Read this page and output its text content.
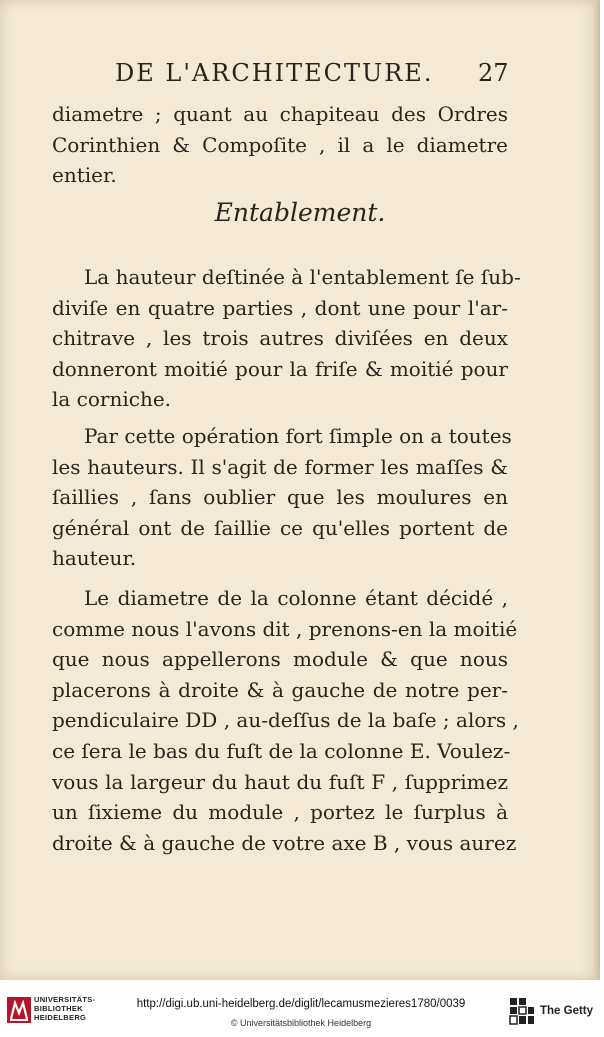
DE L'ARCHITECTURE. 27
diametre ; quant au chapiteau des Ordres
Corinthien & Compoſite , il a le diametre
entier.
Entablement.
La hauteur deſtinée à l'entablement ſe ſub-
diviſe en quatre parties , dont une pour l'ar-
chitrave , les trois autres diviſées en deux
donneront moitié pour la friſe & moitié pour
la corniche.
Par cette opération fort ſimple on a toutes
les hauteurs. Il s'agit de former les maſſes &
ſaillies , ſans oublier que les moulures en
général ont de ſaillie ce qu'elles portent de
hauteur.
Le diametre de la colonne étant décidé ,
comme nous l'avons dit , prenons-en la moitié
que nous appellerons module & que nous
placerons à droite & à gauche de notre per-
pendiculaire DD , au-deſſus de la baſe ; alors ,
ce ſera le bas du fuſt de la colonne E. Voulez-
vous la largeur du haut du fuſt F , ſupprimez
un ſixieme du module , portez le ſurplus à
droite & à gauche de votre axe B , vous aurez
UNIVERSITÄTS-
BIBLIOTHEK
HEIDELBERG
http://digi.ub.uni-heidelberg.de/diglit/lecamusmezieres1780/0039
© Universitätsbibliothek Heidelberg
The Getty
